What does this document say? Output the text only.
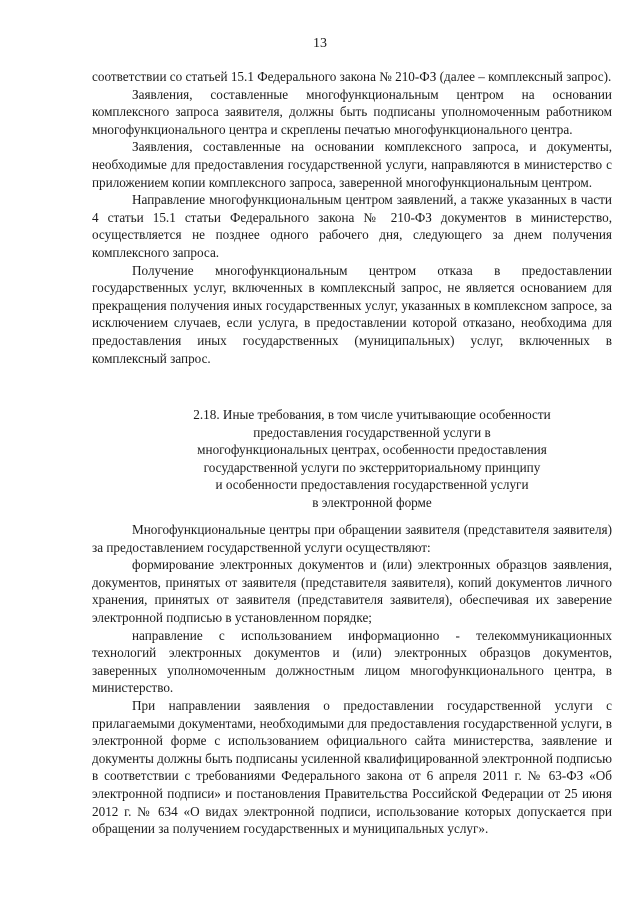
13

соответствии со статьей 15.1 Федерального закона № 210-ФЗ (далее – комплексный запрос).

Заявления, составленные многофункциональным центром на основании комплексного запроса заявителя, должны быть подписаны уполномоченным работником многофункционального центра и скреплены печатью многофункционального центра.

Заявления, составленные на основании комплексного запроса, и документы, необходимые для предоставления государственной услуги, направляются в министерство с приложением копии комплексного запроса, заверенной многофункциональным центром.

Направление многофункциональным центром заявлений, а также указанных в части 4 статьи 15.1 статьи Федерального закона № 210-ФЗ документов в министерство, осуществляется не позднее одного рабочего дня, следующего за днем получения комплексного запроса.

Получение многофункциональным центром отказа в предоставлении государственных услуг, включенных в комплексный запрос, не является основанием для прекращения получения иных государственных услуг, указанных в комплексном запросе, за исключением случаев, если услуга, в предоставлении которой отказано, необходима для предоставления иных государственных (муниципальных) услуг, включенных в комплексный запрос.

2.18. Иные требования, в том числе учитывающие особенности
предоставления государственной услуги в
многофункциональных центрах, особенности предоставления
государственной услуги по экстерриториальному принципу
и особенности предоставления государственной услуги
в электронной форме

Многофункциональные центры при обращении заявителя (представителя заявителя) за предоставлением государственной услуги осуществляют:

формирование электронных документов и (или) электронных образцов заявления, документов, принятых от заявителя (представителя заявителя), копий документов личного хранения, принятых от заявителя (представителя заявителя), обеспечивая их заверение электронной подписью в установленном порядке;

направление с использованием информационно - телекоммуникационных технологий электронных документов и (или) электронных образцов документов, заверенных уполномоченным должностным лицом многофункционального центра, в министерство.

При направлении заявления о предоставлении государственной услуги с прилагаемыми документами, необходимыми для предоставления государственной услуги, в электронной форме с использованием официального сайта министерства, заявление и документы должны быть подписаны усиленной квалифицированной электронной подписью в соответствии с требованиями Федерального закона от 6 апреля 2011 г. № 63-ФЗ «Об электронной подписи» и постановления Правительства Российской Федерации от 25 июня 2012 г. № 634 «О видах электронной подписи, использование которых допускается при обращении за получением государственных и муниципальных услуг».
